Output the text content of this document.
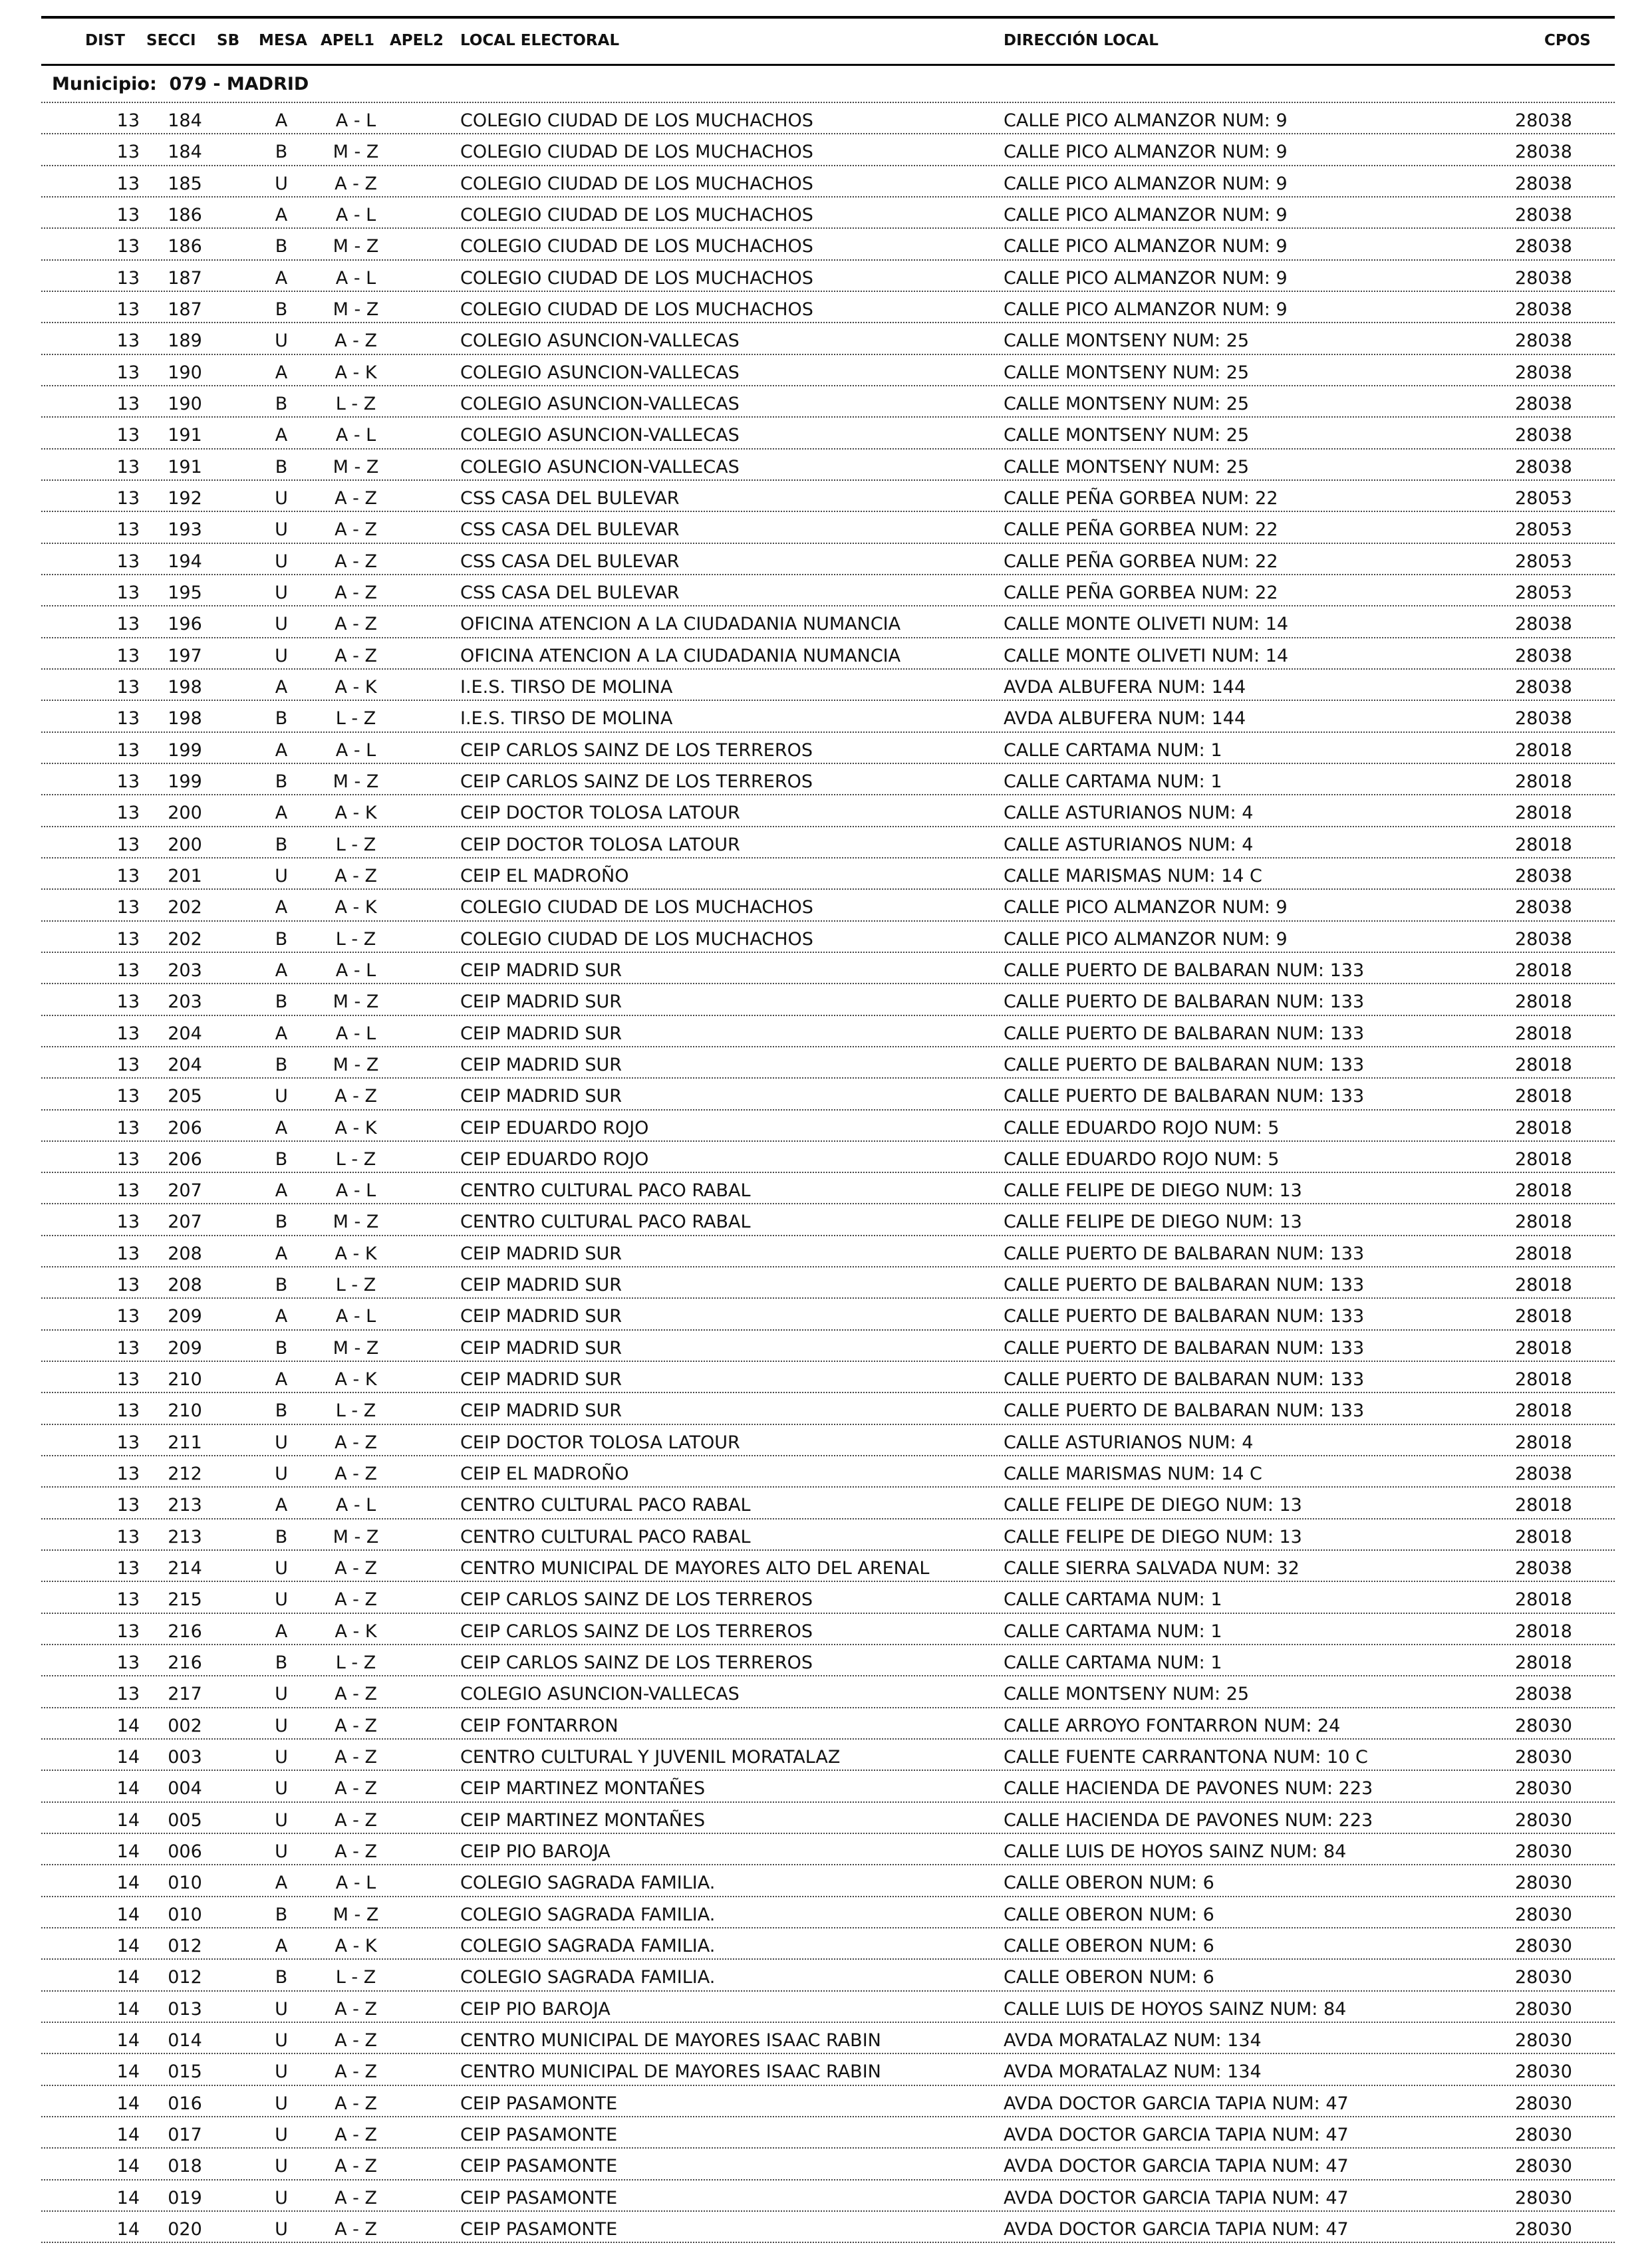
DIST SECCI SB MESA APEL1 APEL2 LOCAL ELECTORAL	DIRECCIÓN LOCAL	CPOS
Municipio:  079 - MADRID
13	184	A	A - L	COLEGIO CIUDAD DE LOS MUCHACHOS	CALLE PICO ALMANZOR NUM: 9	28038
13	184	B	M - Z	COLEGIO CIUDAD DE LOS MUCHACHOS	CALLE PICO ALMANZOR NUM: 9	28038
13	185	U	A - Z	COLEGIO CIUDAD DE LOS MUCHACHOS	CALLE PICO ALMANZOR NUM: 9	28038
13	186	A	A - L	COLEGIO CIUDAD DE LOS MUCHACHOS	CALLE PICO ALMANZOR NUM: 9	28038
13	186	B	M - Z	COLEGIO CIUDAD DE LOS MUCHACHOS	CALLE PICO ALMANZOR NUM: 9	28038
13	187	A	A - L	COLEGIO CIUDAD DE LOS MUCHACHOS	CALLE PICO ALMANZOR NUM: 9	28038
13	187	B	M - Z	COLEGIO CIUDAD DE LOS MUCHACHOS	CALLE PICO ALMANZOR NUM: 9	28038
13	189	U	A - Z	COLEGIO ASUNCION-VALLECAS	CALLE MONTSENY NUM: 25	28038
13	190	A	A - K	COLEGIO ASUNCION-VALLECAS	CALLE MONTSENY NUM: 25	28038
13	190	B	L - Z	COLEGIO ASUNCION-VALLECAS	CALLE MONTSENY NUM: 25	28038
13	191	A	A - L	COLEGIO ASUNCION-VALLECAS	CALLE MONTSENY NUM: 25	28038
13	191	B	M - Z	COLEGIO ASUNCION-VALLECAS	CALLE MONTSENY NUM: 25	28038
13	192	U	A - Z	CSS CASA DEL BULEVAR	CALLE PEÑA GORBEA NUM: 22	28053
13	193	U	A - Z	CSS CASA DEL BULEVAR	CALLE PEÑA GORBEA NUM: 22	28053
13	194	U	A - Z	CSS CASA DEL BULEVAR	CALLE PEÑA GORBEA NUM: 22	28053
13	195	U	A - Z	CSS CASA DEL BULEVAR	CALLE PEÑA GORBEA NUM: 22	28053
13	196	U	A - Z	OFICINA ATENCION A LA CIUDADANIA NUMANCIA	CALLE MONTE OLIVETI NUM: 14	28038
13	197	U	A - Z	OFICINA ATENCION A LA CIUDADANIA NUMANCIA	CALLE MONTE OLIVETI NUM: 14	28038
13	198	A	A - K	I.E.S. TIRSO DE MOLINA	AVDA ALBUFERA NUM: 144	28038
13	198	B	L - Z	I.E.S. TIRSO DE MOLINA	AVDA ALBUFERA NUM: 144	28038
13	199	A	A - L	CEIP CARLOS SAINZ DE LOS TERREROS	CALLE CARTAMA NUM: 1	28018
13	199	B	M - Z	CEIP CARLOS SAINZ DE LOS TERREROS	CALLE CARTAMA NUM: 1	28018
13	200	A	A - K	CEIP DOCTOR TOLOSA LATOUR	CALLE ASTURIANOS NUM: 4	28018
13	200	B	L - Z	CEIP DOCTOR TOLOSA LATOUR	CALLE ASTURIANOS NUM: 4	28018
13	201	U	A - Z	CEIP EL MADROÑO	CALLE MARISMAS NUM: 14 C	28038
13	202	A	A - K	COLEGIO CIUDAD DE LOS MUCHACHOS	CALLE PICO ALMANZOR NUM: 9	28038
13	202	B	L - Z	COLEGIO CIUDAD DE LOS MUCHACHOS	CALLE PICO ALMANZOR NUM: 9	28038
13	203	A	A - L	CEIP MADRID SUR	CALLE PUERTO DE BALBARAN NUM: 133	28018
13	203	B	M - Z	CEIP MADRID SUR	CALLE PUERTO DE BALBARAN NUM: 133	28018
13	204	A	A - L	CEIP MADRID SUR	CALLE PUERTO DE BALBARAN NUM: 133	28018
13	204	B	M - Z	CEIP MADRID SUR	CALLE PUERTO DE BALBARAN NUM: 133	28018
13	205	U	A - Z	CEIP MADRID SUR	CALLE PUERTO DE BALBARAN NUM: 133	28018
13	206	A	A - K	CEIP EDUARDO ROJO	CALLE EDUARDO ROJO NUM: 5	28018
13	206	B	L - Z	CEIP EDUARDO ROJO	CALLE EDUARDO ROJO NUM: 5	28018
13	207	A	A - L	CENTRO CULTURAL PACO RABAL	CALLE FELIPE DE DIEGO NUM: 13	28018
13	207	B	M - Z	CENTRO CULTURAL PACO RABAL	CALLE FELIPE DE DIEGO NUM: 13	28018
13	208	A	A - K	CEIP MADRID SUR	CALLE PUERTO DE BALBARAN NUM: 133	28018
13	208	B	L - Z	CEIP MADRID SUR	CALLE PUERTO DE BALBARAN NUM: 133	28018
13	209	A	A - L	CEIP MADRID SUR	CALLE PUERTO DE BALBARAN NUM: 133	28018
13	209	B	M - Z	CEIP MADRID SUR	CALLE PUERTO DE BALBARAN NUM: 133	28018
13	210	A	A - K	CEIP MADRID SUR	CALLE PUERTO DE BALBARAN NUM: 133	28018
13	210	B	L - Z	CEIP MADRID SUR	CALLE PUERTO DE BALBARAN NUM: 133	28018
13	211	U	A - Z	CEIP DOCTOR TOLOSA LATOUR	CALLE ASTURIANOS NUM: 4	28018
13	212	U	A - Z	CEIP EL MADROÑO	CALLE MARISMAS NUM: 14 C	28038
13	213	A	A - L	CENTRO CULTURAL PACO RABAL	CALLE FELIPE DE DIEGO NUM: 13	28018
13	213	B	M - Z	CENTRO CULTURAL PACO RABAL	CALLE FELIPE DE DIEGO NUM: 13	28018
13	214	U	A - Z	CENTRO MUNICIPAL DE MAYORES ALTO DEL ARENAL	CALLE SIERRA SALVADA NUM: 32	28038
13	215	U	A - Z	CEIP CARLOS SAINZ DE LOS TERREROS	CALLE CARTAMA NUM: 1	28018
13	216	A	A - K	CEIP CARLOS SAINZ DE LOS TERREROS	CALLE CARTAMA NUM: 1	28018
13	216	B	L - Z	CEIP CARLOS SAINZ DE LOS TERREROS	CALLE CARTAMA NUM: 1	28018
13	217	U	A - Z	COLEGIO ASUNCION-VALLECAS	CALLE MONTSENY NUM: 25	28038
14	002	U	A - Z	CEIP FONTARRON	CALLE ARROYO FONTARRON NUM: 24	28030
14	003	U	A - Z	CENTRO CULTURAL Y JUVENIL MORATALAZ	CALLE FUENTE CARRANTONA NUM: 10 C	28030
14	004	U	A - Z	CEIP MARTINEZ MONTAÑES	CALLE HACIENDA DE PAVONES NUM: 223	28030
14	005	U	A - Z	CEIP MARTINEZ MONTAÑES	CALLE HACIENDA DE PAVONES NUM: 223	28030
14	006	U	A - Z	CEIP PIO BAROJA	CALLE LUIS DE HOYOS SAINZ NUM: 84	28030
14	010	A	A - L	COLEGIO SAGRADA FAMILIA.	CALLE OBERON NUM: 6	28030
14	010	B	M - Z	COLEGIO SAGRADA FAMILIA.	CALLE OBERON NUM: 6	28030
14	012	A	A - K	COLEGIO SAGRADA FAMILIA.	CALLE OBERON NUM: 6	28030
14	012	B	L - Z	COLEGIO SAGRADA FAMILIA.	CALLE OBERON NUM: 6	28030
14	013	U	A - Z	CEIP PIO BAROJA	CALLE LUIS DE HOYOS SAINZ NUM: 84	28030
14	014	U	A - Z	CENTRO MUNICIPAL DE MAYORES ISAAC RABIN	AVDA MORATALAZ NUM: 134	28030
14	015	U	A - Z	CENTRO MUNICIPAL DE MAYORES ISAAC RABIN	AVDA MORATALAZ NUM: 134	28030
14	016	U	A - Z	CEIP PASAMONTE	AVDA DOCTOR GARCIA TAPIA NUM: 47	28030
14	017	U	A - Z	CEIP PASAMONTE	AVDA DOCTOR GARCIA TAPIA NUM: 47	28030
14	018	U	A - Z	CEIP PASAMONTE	AVDA DOCTOR GARCIA TAPIA NUM: 47	28030
14	019	U	A - Z	CEIP PASAMONTE	AVDA DOCTOR GARCIA TAPIA NUM: 47	28030
14	020	U	A - Z	CEIP PASAMONTE	AVDA DOCTOR GARCIA TAPIA NUM: 47	28030
